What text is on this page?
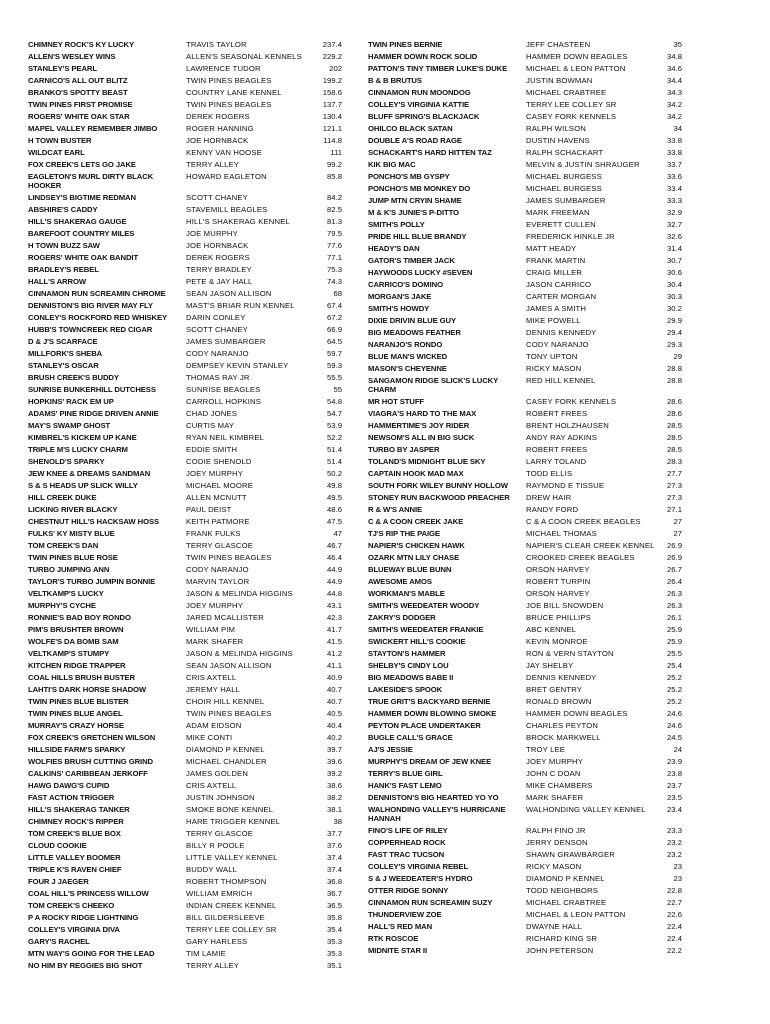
CHIMNEY ROCK'S KY LUCKY	TRAVIS TAYLOR	237.4
ALLEN'S WESLEY WINS	ALLEN'S SEASONAL KENNELS	229.2
STANLEY'S PEARL	LAWRENCE TUDOR	202
CARNICO'S ALL OUT BLITZ	TWIN PINES BEAGLES	199.2
BRANKO'S SPOTTY BEAST	COUNTRY LANE KENNEL	158.6
TWIN PINES FIRST PROMISE	TWIN PINES BEAGLES	137.7
ROGERS' WHITE OAK STAR	DEREK ROGERS	130.4
MAPEL VALLEY REMEMBER JIMBO	ROGER HANNING	121.1
H TOWN BUSTER	JOE HORNBACK	114.8
WILDCAT EARL	KENNY VAN HOOSE	111
FOX CREEK'S LETS GO JAKE	TERRY ALLEY	99.2
EAGLETON'S MURL DIRTY BLACK HOOKER
HOWARD EAGLETON	85.8
LINDSEY'S BIGTIME REDMAN	SCOTT CHANEY	84.2
ABSHIRE'S CADDY	STAVEMILL BEAGLES	82.5
HILL'S SHAKERAG GAUGE	HILL'S SHAKERAG KENNEL	81.3
BAREFOOT COUNTRY MILES	JOE MURPHY	79.5
H TOWN BUZZ SAW	JOE HORNBACK	77.6
ROGERS' WHITE OAK BANDIT	DEREK ROGERS	77.1
BRADLEY'S REBEL	TERRY BRADLEY	75.3
HALL'S ARROW	PETE & JAY HALL	74.3
CINNAMON RUN SCREAMIN CHROME	SEAN JASON ALLISON	68
DENNISTON'S BIG RIVER MAY FLY	MAST'S BRIAR RUN KENNEL	67.4
CONLEY'S ROCKFORD RED WHISKEY	DARIN CONLEY	67.2
HUBB'S TOWNCREEK RED CIGAR	SCOTT CHANEY	66.9
D & J'S SCARFACE	JAMES SUMBARGER	64.5
MILLFORK'S SHEBA	CODY NARANJO	59.7
STANLEY'S OSCAR	DEMPSEY KEVIN STANLEY	59.3
BRUSH CREEK'S BUDDY	THOMAS RAY JR	55.5
SUNRISE BUNKERHILL DUTCHESS	SUNRISE BEAGLES	55
HOPKINS' RACK EM UP	CARROLL HOPKINS	54.8
ADAMS' PINE RIDGE DRIVEN ANNIE	CHAD JONES	54.7
MAY'S SWAMP GHOST	CURTIS MAY	53.9
KIMBREL'S KICKEM UP KANE	RYAN NEIL KIMBREL	52.2
TRIPLE M'S LUCKY CHARM	EDDIE SMITH	51.4
SHENOLD'S SPARKY	CODIE SHENOLD	51.4
JEW KNEE & DREAMS SANDMAN	JOEY MURPHY	50.2
S & S HEADS UP SLICK WILLY	MICHAEL MOORE	49.8
HILL CREEK DUKE	ALLEN MCNUTT	49.5
LICKING RIVER BLACKY	PAUL DEIST	48.6
CHESTNUT HILL'S HACKSAW HOSS	KEITH PATMORE	47.5
FULKS' KY MISTY BLUE	FRANK FULKS	47
TOM CREEK'S DAN	TERRY GLASCOE	46.7
TWIN PINES BLUE ROSE	TWIN PINES BEAGLES	46.4
TURBO JUMPING ANN	CODY NARANJO	44.9
TAYLOR'S TURBO JUMPIN BONNIE	MARVIN TAYLOR	44.9
VELTKAMP'S LUCKY	JASON & MELINDA HIGGINS	44.8
MURPHY'S CYCHE	JOEY MURPHY	43.1
RONNIE'S BAD BOY RONDO	JARED MCALLISTER	42.3
PIM'S BRUSHTER BROWN	WILLIAM PIM	41.7
WOLFE'S DA BOMB SAM	MARK SHAFER	41.5
VELTKAMP'S STUMPY	JASON & MELINDA HIGGINS	41.2
KITCHEN RIDGE TRAPPER	SEAN JASON ALLISON	41.1
COAL HILLS BRUSH BUSTER	CRIS AXTELL	40.9
LAHTI'S DARK HORSE SHADOW	JEREMY HALL	40.7
TWIN PINES BLUE BLISTER	CHOIR HILL KENNEL	40.7
TWIN PINES BLUE ANGEL	TWIN PINES BEAGLES	40.5
MURRAY'S CRAZY HORSE	ADAM EIDSON	40.4
FOX CREEK'S GRETCHEN WILSON	MIKE CONTI	40.2
HILLSIDE FARM'S SPARKY	DIAMOND P KENNEL	39.7
WOLFIES BRUSH CUTTING GRIND	MICHAEL CHANDLER	39.6
CALKINS' CARIBBEAN JERKOFF	JAMES GOLDEN	39.2
HAWG DAWG'S CUPID	CRIS AXTELL	38.6
FAST ACTION TRIGGER	JUSTIN JOHNSON	38.2
HILL'S SHAKERAG TANKER	SMOKE BONE KENNEL	38.1
CHIMNEY ROCK'S RIPPER	HARE TRIGGER KENNEL	38
TOM CREEK'S BLUE BOX	TERRY GLASCOE	37.7
CLOUD COOKIE	BILLY R POOLE	37.6
LITTLE VALLEY BOOMER	LITTLE VALLEY KENNEL	37.4
TRIPLE K'S RAVEN CHIEF	BUDDY WALL	37.4
FOUR J JAEGER	ROBERT THOMPSON	36.8
COAL HILL'S PRINCESS WILLOW	WILLIAM EMRICH	36.7
TOM CREEK'S CHEEKO	INDIAN CREEK KENNEL	36.5
P A ROCKY RIDGE LIGHTNING	BILL GILDERSLEEVE	35.8
COLLEY'S VIRGINIA DIVA	TERRY LEE COLLEY SR	35.4
GARY'S RACHEL	GARY HARLESS	35.3
MTN WAY'S GOING FOR THE LEAD	TIM LAMIE	35.3
NO HIM BY REGGIES BIG SHOT	TERRY ALLEY	35.1
TWIN PINES BERNIE	JEFF CHASTEEN	35
HAMMER DOWN ROCK SOLID	HAMMER DOWN BEAGLES	34.8
PATTON'S TINY TIMBER LUKE'S DUKE	MICHAEL & LEON PATTON	34.6
B & B BRUTUS	JUSTIN BOWMAN	34.4
CINNAMON RUN MOONDOG	MICHAEL CRABTREE	34.3
COLLEY'S VIRGINIA KATTIE	TERRY LEE COLLEY SR	34.2
BLUFF SPRING'S BLACKJACK	CASEY FORK KENNELS	34.2
OHILCO BLACK SATAN	RALPH WILSON	34
DOUBLE A'S ROAD RAGE	DUSTIN HAVENS	33.8
SCHACKART'S HARD HITTEN TAZ	RALPH SCHACKART	33.8
KIK BIG MAC	MELVIN & JUSTIN SHRAUGER	33.7
PONCHO'S MB GYSPY	MICHAEL BURGESS	33.6
PONCHO'S MB MONKEY DO	MICHAEL BURGESS	33.4
JUMP MTN CRYIN SHAME	JAMES SUMBARGER	33.3
M & K'S JUNIE'S P-DITTO	MARK FREEMAN	32.9
SMITH'S POLLY	EVERETT CULLEN	32.7
PRIDE HILL BLUE BRANDY	FREDERICK HINKLE JR	32.6
HEADY'S DAN	MATT HEADY	31.4
GATOR'S TIMBER JACK	FRANK MARTIN	30.7
HAYWOODS LUCKY #SEVEN	CRAIG MILLER	30.6
CARRICO'S DOMINO	JASON CARRICO	30.4
MORGAN'S JAKE	CARTER MORGAN	30.3
SMITH'S HOWDY	JAMES A SMITH	30.2
DIXIE DRIVIN BLUE GUY	MIKE POWELL	29.9
BIG MEADOWS FEATHER	DENNIS KENNEDY	29.4
NARANJO'S RONDO	CODY NARANJO	29.3
BLUE MAN'S WICKED	TONY UPTON	29
MASON'S CHEYENNE	RICKY MASON	28.8
SANGAMON RIDGE SLICK'S LUCKY CHARM
RED HILL KENNEL	28.8
MR HOT STUFF	CASEY FORK KENNELS	28.6
VIAGRA'S HARD TO THE MAX	ROBERT FREES	28.6
HAMMERTIME'S JOY RIDER	BRENT HOLZHAUSEN	28.5
NEWSOM'S ALL IN BIG SUCK	ANDY RAY ADKINS	28.5
TURBO BY JASPER	ROBERT FREES	28.5
TOLAND'S MIDNIGHT BLUE SKY	LARRY TOLAND	28.3
CAPTAIN HOOK MAD MAX	TODD ELLIS	27.7
SOUTH FORK WILEY BUNNY HOLLOW	RAYMOND E TISSUE	27.3
STONEY RUN BACKWOOD PREACHER	DREW HAIR	27.3
R & W'S ANNIE	RANDY FORD	27.1
C & A COON CREEK JAKE	C & A COON CREEK BEAGLES	27
TJ'S RIP THE PAIGE	MICHAEL THOMAS	27
NAPIER'S CHICKEN HAWK	NAPIER'S CLEAR CREEK KENNEL	26.9
OZARK MTN LILY CHASE	CROOKED CREEK BEAGLES	26.9
BLUEWAY BLUE BUNN	ORSON HARVEY	26.7
AWESOME AMOS	ROBERT TURPIN	26.4
WORKMAN'S MABLE	ORSON HARVEY	26.3
SMITH'S WEEDEATER WOODY	JOE BILL SNOWDEN	26.3
ZAKRY'S DODGER	BRUCE PHILLIPS	26.1
SMITH'S WEEDEATER FRANKIE	ABC KENNEL	25.9
SWICKERT HILL'S COOKIE	KEVIN MONROE	25.9
STAYTON'S HAMMER	RON & VERN STAYTON	25.5
SHELBY'S CINDY LOU	JAY SHELBY	25.4
BIG MEADOWS BABE II	DENNIS KENNEDY	25.2
LAKESIDE'S SPOOK	BRET GENTRY	25.2
TRUE GRIT'S BACKYARD BERNIE	RONALD BROWN	25.2
HAMMER DOWN BLOWING SMOKE	HAMMER DOWN BEAGLES	24.6
PEYTON PLACE UNDERTAKER	CHARLES PEYTON	24.6
BUGLE CALL'S GRACE	BROCK MARKWELL	24.5
AJ'S JESSIE	TROY LEE	24
MURPHY'S DREAM OF JEW KNEE	JOEY MURPHY	23.9
TERRY'S BLUE GIRL	JOHN C DOAN	23.8
HANK'S FAST LEMO	MIKE CHAMBERS	23.7
DENNISTON'S BIG HEARTED YO YO	MARK SHAFER	23.5
WALHONDING VALLEY'S HURRICANE HANNAH
WALHONDING VALLEY KENNEL	23.4
FINO'S LIFE OF RILEY	RALPH FINO JR	23.3
COPPERHEAD ROCK	JERRY DENSON	23.2
FAST TRAC TUCSON	SHAWN GRAWBARGER	23.2
COLLEY'S VIRGINIA REBEL	RICKY MASON	23
S & J WEEDEATER'S HYDRO	DIAMOND P KENNEL	23
OTTER RIDGE SONNY	TODD NEIGHBORS	22.8
CINNAMON RUN SCREAMIN SUZY	MICHAEL CRABTREE	22.7
THUNDERVIEW ZOE	MICHAEL & LEON PATTON	22.6
HALL'S RED MAN	DWAYNE HALL	22.4
RTK ROSCOE	RICHARD KING SR	22.4
MIDNITE STAR II	JOHN PETERSON	22.2
